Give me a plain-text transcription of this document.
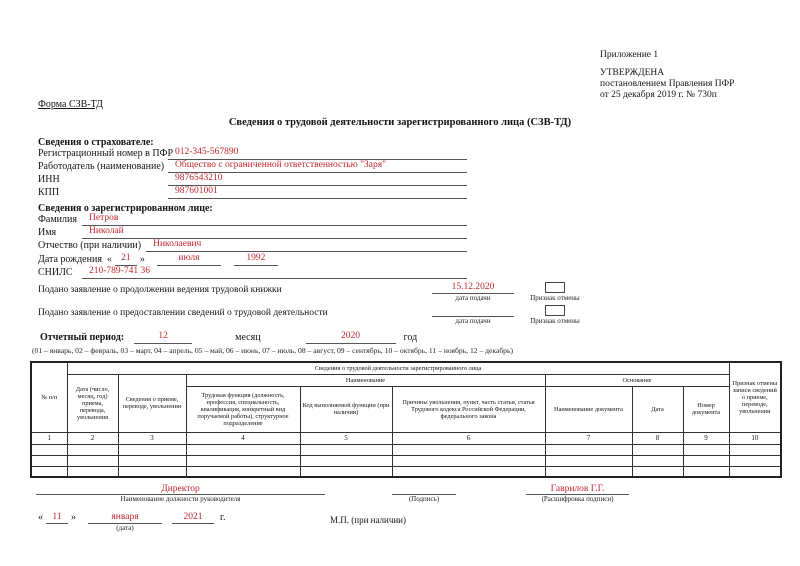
Приложение 1
УТВЕРЖДЕНА
постановлением Правления ПФР
от 25 декабря 2019 г. № 730п
Форма СЗВ-ТД
Сведения о трудовой деятельности зарегистрированного лица (СЗВ-ТД)
Сведения о страхователе:
Регистрационный номер в ПФР 012-345-567890
Работодатель (наименование)	Общество с ограниченной ответственностью "Заря"
ИНН	9876543210
КПП	987601001
Сведения о зарегистрированном лице:
Фамилия	Петров
Имя	Николай
Отчество (при наличии)	Николаевич
Дата рождения « 21 »	июля	1992
СНИЛС	210-789-741 36
Подано заявление о продолжении ведения трудовой книжки	15.12.2020
дата подачи	Признак отмены
Подано заявление о предоставлении сведений о трудовой деятельности
дата подачи	Признак отмены
Отчетный период:	12	месяц	2020	год
(01 – январь, 02 – февраль, 03 – март, 04 – апрель, 05 – май, 06 – июнь, 07 – июль, 08 – август, 09 – сентябрь, 10 – октябрь, 11 – ноябрь, 12 – декабрь)
№ п/п	Сведения о трудовой деятельности зарегистрированного лица								Признак отмены записи сведений о приеме, переводе, увольнении
	Дата (число, месяц, год) приема, перевода, увольнения	Сведения о приеме, переводе, увольнении	Наименование			Основание			
			Трудовая функция (должность, профессия, специальность, квалификация, конкретный вид поручаемой работы), структурное подразделение	Код выполняемой функции (при наличии)	Причины увольнения, пункт, часть статьи, статья Трудового кодекса Российской Федерации, федерального закона	Наименование документа	Дата	Номер документа	
1	2	3	4	5	6	7	8	9	10

Директор
Наименование должности руководителя	(Подпись)
Гаврилов Г.Г.
(Расшифровка подписи)
« 11 »	января
(дата)
2021	г.	М.П. (при наличии)
